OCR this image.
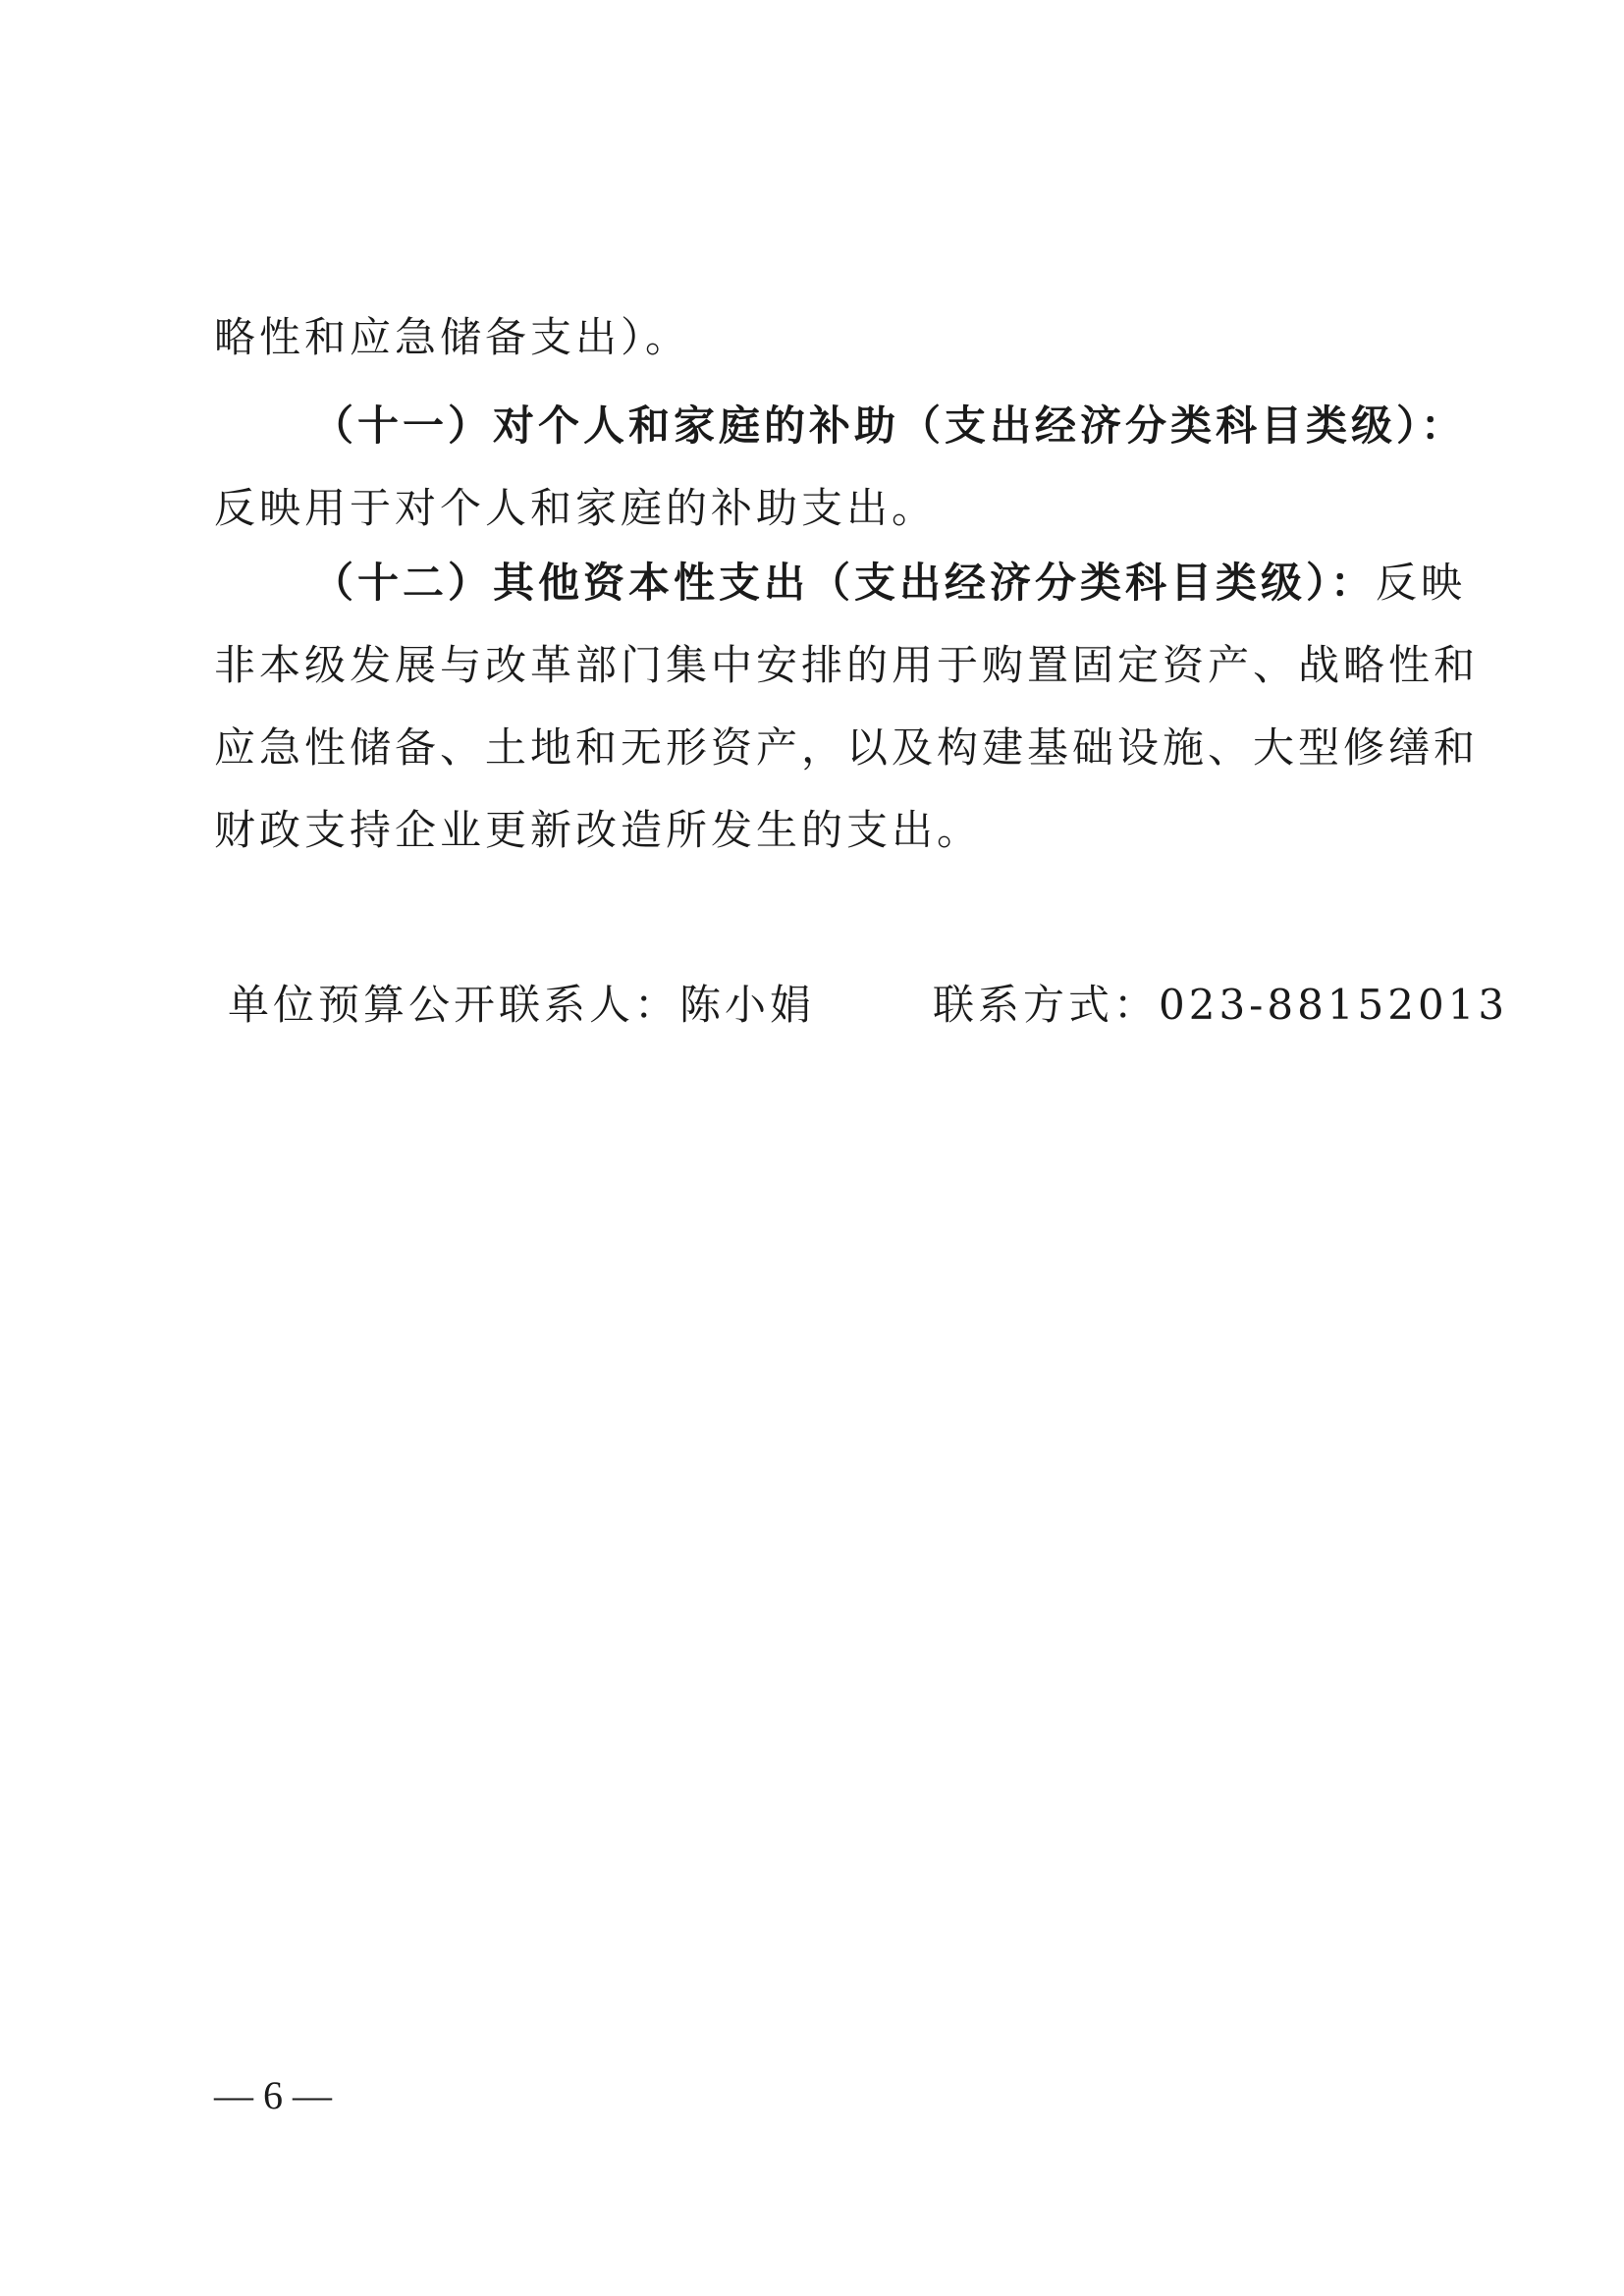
略性和应急储备支出）。
（十一）对个人和家庭的补助（支出经济分类科目类级）：
反映用于对个人和家庭的补助支出。
（十二）其他资本性支出（支出经济分类科目类级）：反映
非本级发展与改革部门集中安排的用于购置固定资产、战略性和
应急性储备、土地和无形资产，以及构建基础设施、大型修缮和
财政支持企业更新改造所发生的支出。
单位预算公开联系人：陈小娟	联系方式：023-88152013
— 6 —
